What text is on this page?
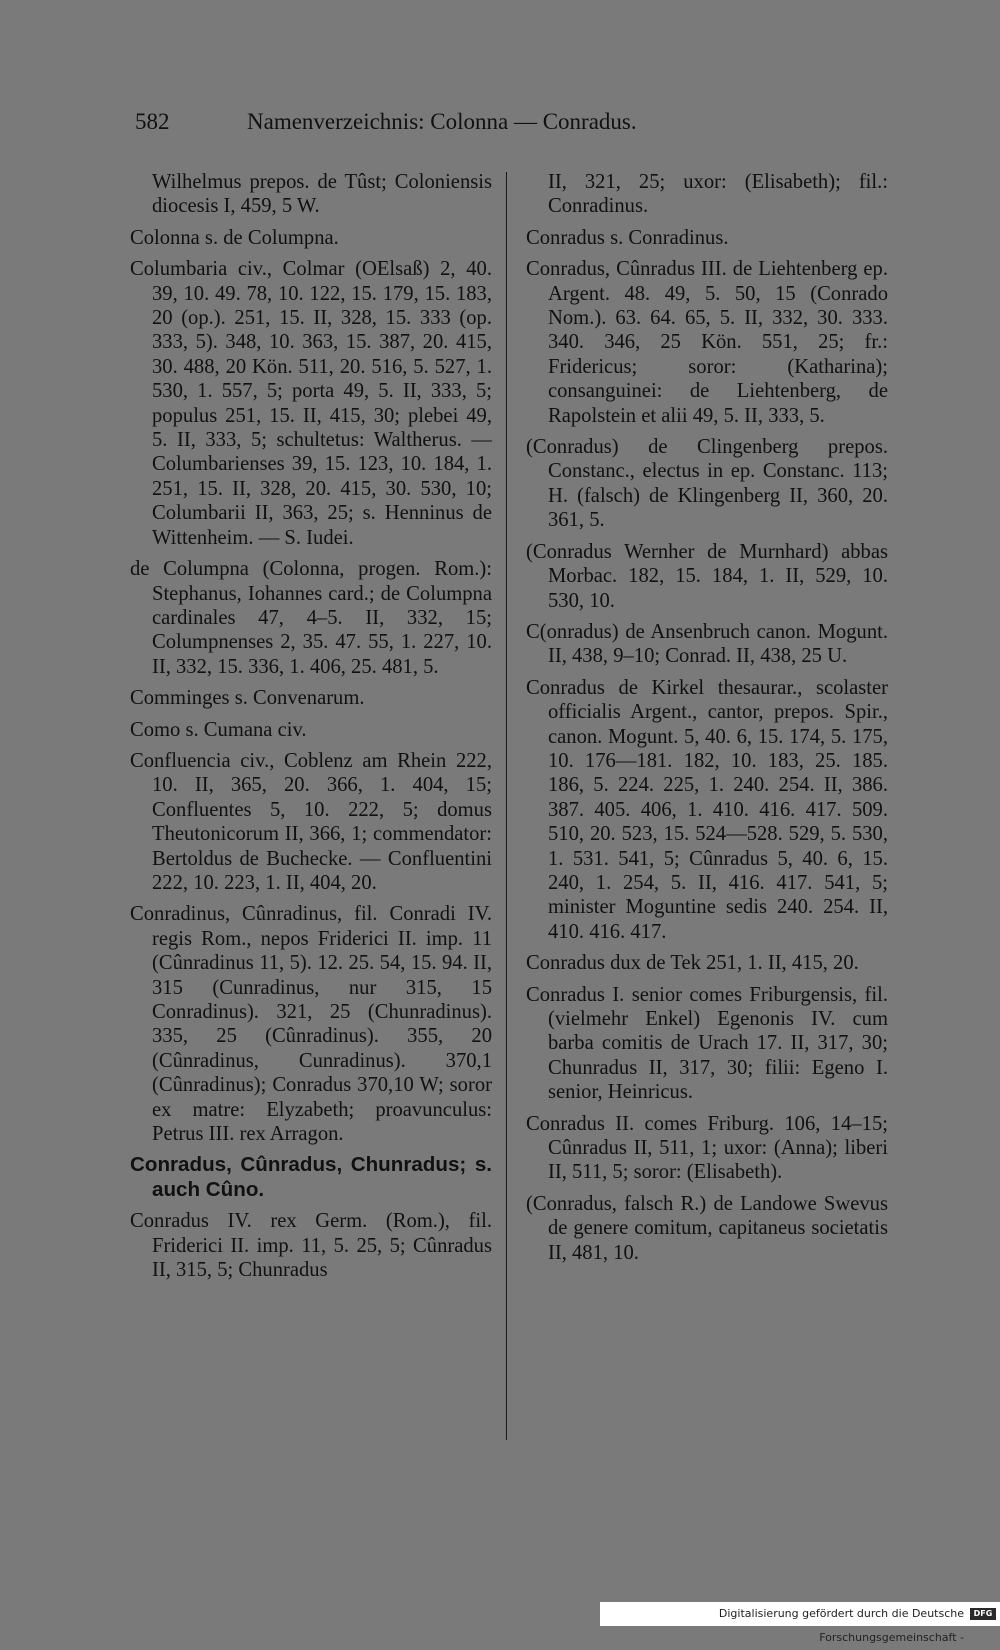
582	Namenverzeichnis: Colonna — Conradus.

Wilhelmus prepos. de Tûst; Coloniensis diocesis I, 459, 5 W.

Colonna s. de Columpna.

Columbaria civ., Colmar (OElsaß) 2, 40. 39, 10. 49. 78, 10. 122, 15. 179, 15. 183, 20 (op.). 251, 15. II, 328, 15. 333 (op. 333, 5). 348, 10. 363, 15. 387, 20. 415, 30. 488, 20 Kön. 511, 20. 516, 5. 527, 1. 530, 1. 557, 5; porta 49, 5. II, 333, 5; populus 251, 15. II, 415, 30; plebei 49, 5. II, 333, 5; schultetus: Waltherus. — Columbarienses 39, 15. 123, 10. 184, 1. 251, 15. II, 328, 20. 415, 30. 530, 10; Columbarii II, 363, 25; s. Henninus de Wittenheim. — S. Iudei.

de Columpna (Colonna, progen. Rom.): Stephanus, Iohannes card.; de Columpna cardinales 47, 4–5. II, 332, 15; Columpnenses 2, 35. 47. 55, 1. 227, 10. II, 332, 15. 336, 1. 406, 25. 481, 5.

Comminges s. Convenarum.

Como s. Cumana civ.

Confluencia civ., Coblenz am Rhein 222, 10. II, 365, 20. 366, 1. 404, 15; Confluentes 5, 10. 222, 5; domus Theutonicorum II, 366, 1; commendator: Bertoldus de Buchecke. — Confluentini 222, 10. 223, 1. II, 404, 20.

Conradinus, Cûnradinus, fil. Conradi IV. regis Rom., nepos Friderici II. imp. 11 (Cûnradinus 11, 5). 12. 25. 54, 15. 94. II, 315 (Cunradinus, nur 315, 15 Conradinus). 321, 25 (Chunradinus). 335, 25 (Cûnradinus). 355, 20 (Cûnradinus, Cunradinus). 370,1 (Cûnradinus); Conradus 370,10 W; soror ex matre: Elyzabeth; proavunculus: Petrus III. rex Arragon.

Conradus, Cûnradus, Chunradus; s. auch Cûno.

Conradus IV. rex Germ. (Rom.), fil. Friderici II. imp. 11, 5. 25, 5; Cûnradus II, 315, 5; Chunradus

II, 321, 25; uxor: (Elisabeth); fil.: Conradinus.

Conradus s. Conradinus.

Conradus, Cûnradus III. de Liehtenberg ep. Argent. 48. 49, 5. 50, 15 (Conrado Nom.). 63. 64. 65, 5. II, 332, 30. 333. 340. 346, 25 Kön. 551, 25; fr.: Fridericus; soror: (Katharina); consanguinei: de Liehtenberg, de Rapolstein et alii 49, 5. II, 333, 5.

(Conradus) de Clingenberg prepos. Constanc., electus in ep. Constanc. 113; H. (falsch) de Klingenberg II, 360, 20. 361, 5.

(Conradus Wernher de Murnhard) abbas Morbac. 182, 15. 184, 1. II, 529, 10. 530, 10.

C(onradus) de Ansenbruch canon. Mogunt. II, 438, 9–10; Conrad. II, 438, 25 U.

Conradus de Kirkel thesaurar., scolaster officialis Argent., cantor, prepos. Spir., canon. Mogunt. 5, 40. 6, 15. 174, 5. 175, 10. 176—181. 182, 10. 183, 25. 185. 186, 5. 224. 225, 1. 240. 254. II, 386. 387. 405. 406, 1. 410. 416. 417. 509. 510, 20. 523, 15. 524—528. 529, 5. 530, 1. 531. 541, 5; Cûnradus 5, 40. 6, 15. 240, 1. 254, 5. II, 416. 417. 541, 5; minister Moguntine sedis 240. 254. II, 410. 416. 417.

Conradus dux de Tek 251, 1. II, 415, 20.

Conradus I. senior comes Friburgensis, fil. (vielmehr Enkel) Egenonis IV. cum barba comitis de Urach 17. II, 317, 30; Chunradus II, 317, 30; filii: Egeno I. senior, Heinricus.

Conradus II. comes Friburg. 106, 14–15; Cûnradus II, 511, 1; uxor: (Anna); liberi II, 511, 5; soror: (Elisabeth).

(Conradus, falsch R.) de Landowe Swevus de genere comitum, capitaneus societatis II, 481, 10.

Digitalisierung gefördert durch die Deutsche Forschungsgemeinschaft -
DFG
